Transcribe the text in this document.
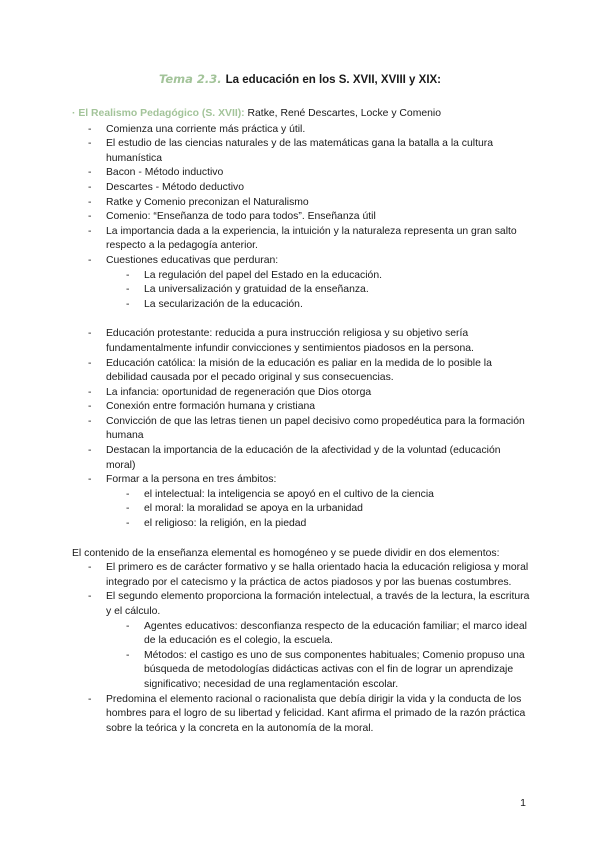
Tema 2.3. La educación en los S. XVII, XVIII y XIX:
· El Realismo Pedagógico (S. XVII): Ratke, René Descartes, Locke y Comenio
- Comienza una corriente más práctica y útil.
- El estudio de las ciencias naturales y de las matemáticas gana la batalla a la cultura humanística
- Bacon - Método inductivo
- Descartes - Método deductivo
- Ratke y Comenio preconizan el Naturalismo
- Comenio: “Enseñanza de todo para todos”. Enseñanza útil
- La importancia dada a la experiencia, la intuición y la naturaleza representa un gran salto respecto a la pedagogía anterior.
- Cuestiones educativas que perduran:
- La regulación del papel del Estado en la educación.
- La universalización y gratuidad de la enseñanza.
- La secularización de la educación.
- Educación protestante: reducida a pura instrucción religiosa y su objetivo sería fundamentalmente infundir convicciones y sentimientos piadosos en la persona.
- Educación católica: la misión de la educación es paliar en la medida de lo posible la debilidad causada por el pecado original y sus consecuencias.
- La infancia: oportunidad de regeneración que Dios otorga
- Conexión entre formación humana y cristiana
- Convicción de que las letras tienen un papel decisivo como propedéutica para la formación humana
- Destacan la importancia de la educación de la afectividad y de la voluntad (educación moral)
- Formar a la persona en tres ámbitos:
- el intelectual: la inteligencia se apoyó en el cultivo de la ciencia
- el moral: la moralidad se apoya en la urbanidad
- el religioso: la religión, en la piedad

El contenido de la enseñanza elemental es homogéneo y se puede dividir en dos elementos:

- El primero es de carácter formativo y se halla orientado hacia la educación religiosa y moral integrado por el catecismo y la práctica de actos piadosos y por las buenas costumbres.
- El segundo elemento proporciona la formación intelectual, a través de la lectura, la escritura y el cálculo.
- Agentes educativos: desconfianza respecto de la educación familiar; el marco ideal de la educación es el colegio, la escuela.
- Métodos: el castigo es uno de sus componentes habituales; Comenio propuso una búsqueda de metodologías didácticas activas con el fin de lograr un aprendizaje significativo; necesidad de una reglamentación escolar.
- Predomina el elemento racional o racionalista que debía dirigir la vida y la conducta de los hombres para el logro de su libertad y felicidad. Kant afirma el primado de la razón práctica sobre la teórica y la concreta en la autonomía de la moral.
1
